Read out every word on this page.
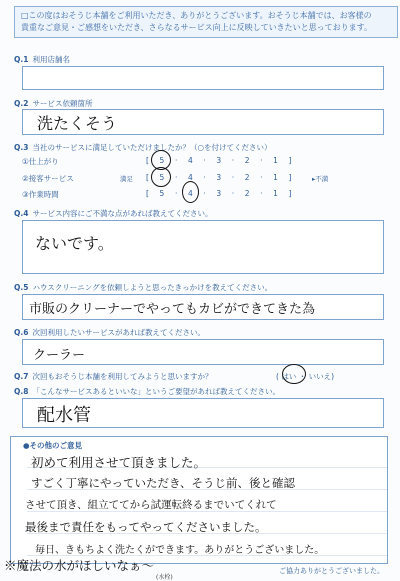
□この度はおそうじ本舗をご利用いただき、ありがとうございます。おそうじ本舗では、お客様の
貴重なご意見・ご感想をいただき、さらなるサービス向上に反映していきたいと思っております。
Q.1 利用店舗名
Q.2 サービス依頼箇所
洗たくそう
Q.3 当社のサービスに満足していただけましたか？（○を付けてください）
①仕上がり	[ 5 · 4 · 3 · 2 · 1 ]
②接客サービス	満足 [ 5 · 4 · 3 · 2 · 1 ]	▸不満
③作業時間	[ 5 · 4 · 3 · 2 · 1 ]
Q.4 サービス内容にご不満な点があれば教えてください。
ないです。
Q.5 ハウスクリーニングを依頼しようと思ったきっかけを教えてください。
市販のクリーナーでやってもカビができてきた為
Q.6 次回利用したいサービスがあれば教えてください。
クーラー
Q.7 次回もおそうじ本舗を利用してみようと思いますか？	( はい ・ いいえ)
Q.8 「こんなサービスあるといいな」というご要望があれば教えてください。
配水管
●その他のご意見
初めて利用させて頂きました。
すごく丁寧にやっていただき、そうじ前、後と確認
させて頂き、組立ててから試運転終るまでいてくれて
最後まで責任をもってやってくださいました。
毎日、きもちよく洗たくができます。ありがとうございました。
※魔法の水がほしいなぁ〜
(水栓)
ご協力ありがとうございました。
